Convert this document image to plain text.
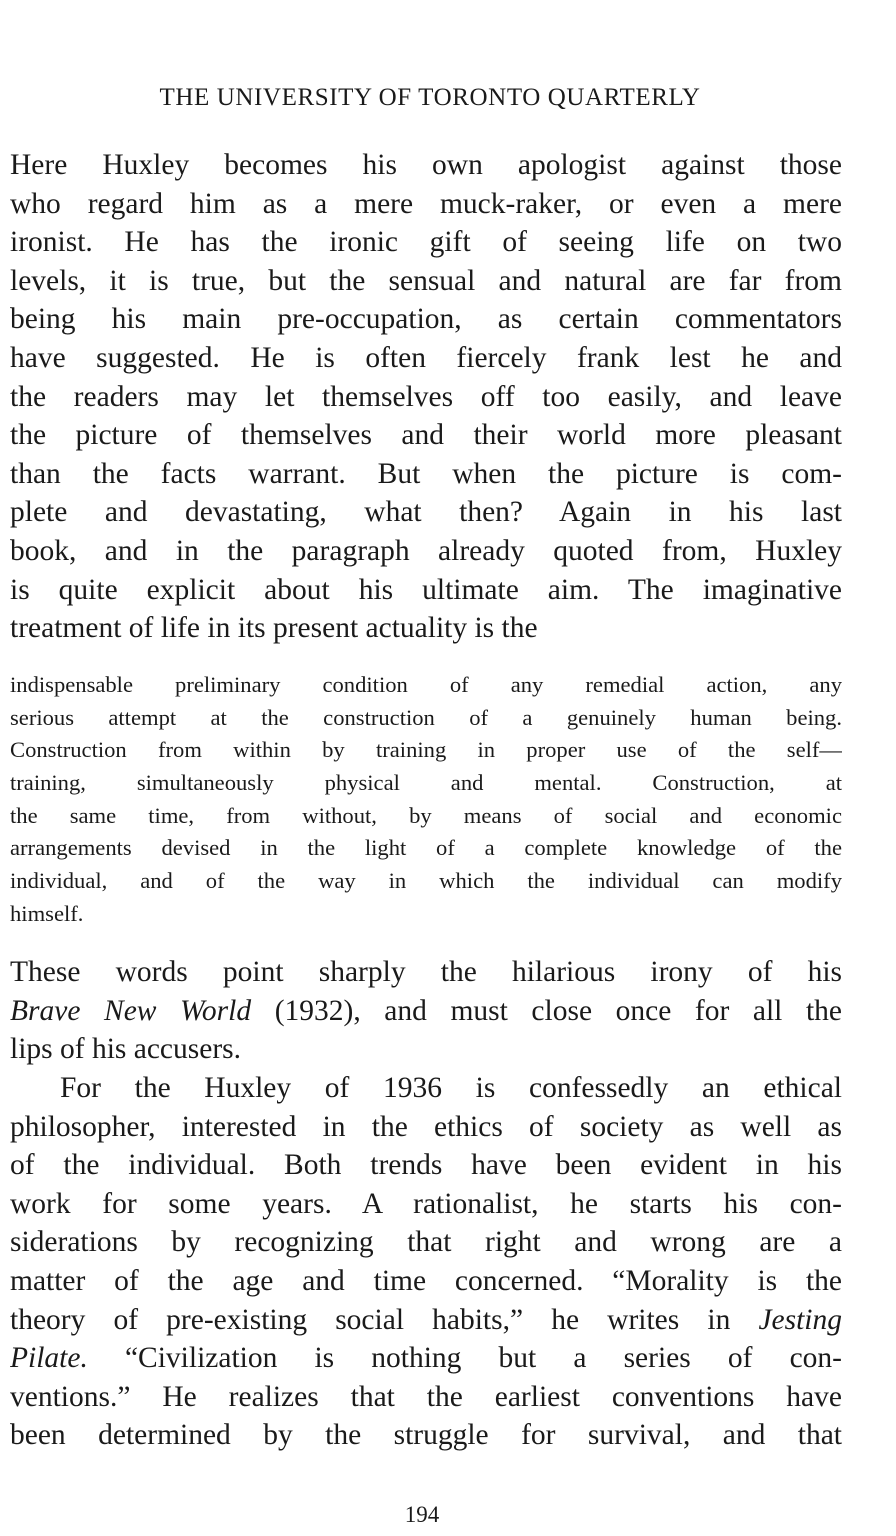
THE UNIVERSITY OF TORONTO QUARTERLY
Here Huxley becomes his own apologist against those
who regard him as a mere muck-raker, or even a mere
ironist. He has the ironic gift of seeing life on two
levels, it is true, but the sensual and natural are far from
being his main pre-occupation, as certain commentators
have suggested. He is often fiercely frank lest he and
the readers may let themselves off too easily, and leave
the picture of themselves and their world more pleasant
than the facts warrant. But when the picture is com-
plete and devastating, what then? Again in his last
book, and in the paragraph already quoted from, Huxley
is quite explicit about his ultimate aim. The imaginative
treatment of life in its present actuality is the
indispensable preliminary condition of any remedial action, any
serious attempt at the construction of a genuinely human being.
Construction from within by training in proper use of the self—
training, simultaneously physical and mental. Construction, at
the same time, from without, by means of social and economic
arrangements devised in the light of a complete knowledge of the
individual, and of the way in which the individual can modify
himself.
These words point sharply the hilarious irony of his
Brave New World (1932), and must close once for all the
lips of his accusers.
For the Huxley of 1936 is confessedly an ethical
philosopher, interested in the ethics of society as well as
of the individual. Both trends have been evident in his
work for some years. A rationalist, he starts his con-
siderations by recognizing that right and wrong are a
matter of the age and time concerned. “Morality is the
theory of pre-existing social habits,” he writes in Jesting
Pilate. “Civilization is nothing but a series of con-
ventions.” He realizes that the earliest conventions have
been determined by the struggle for survival, and that
194
